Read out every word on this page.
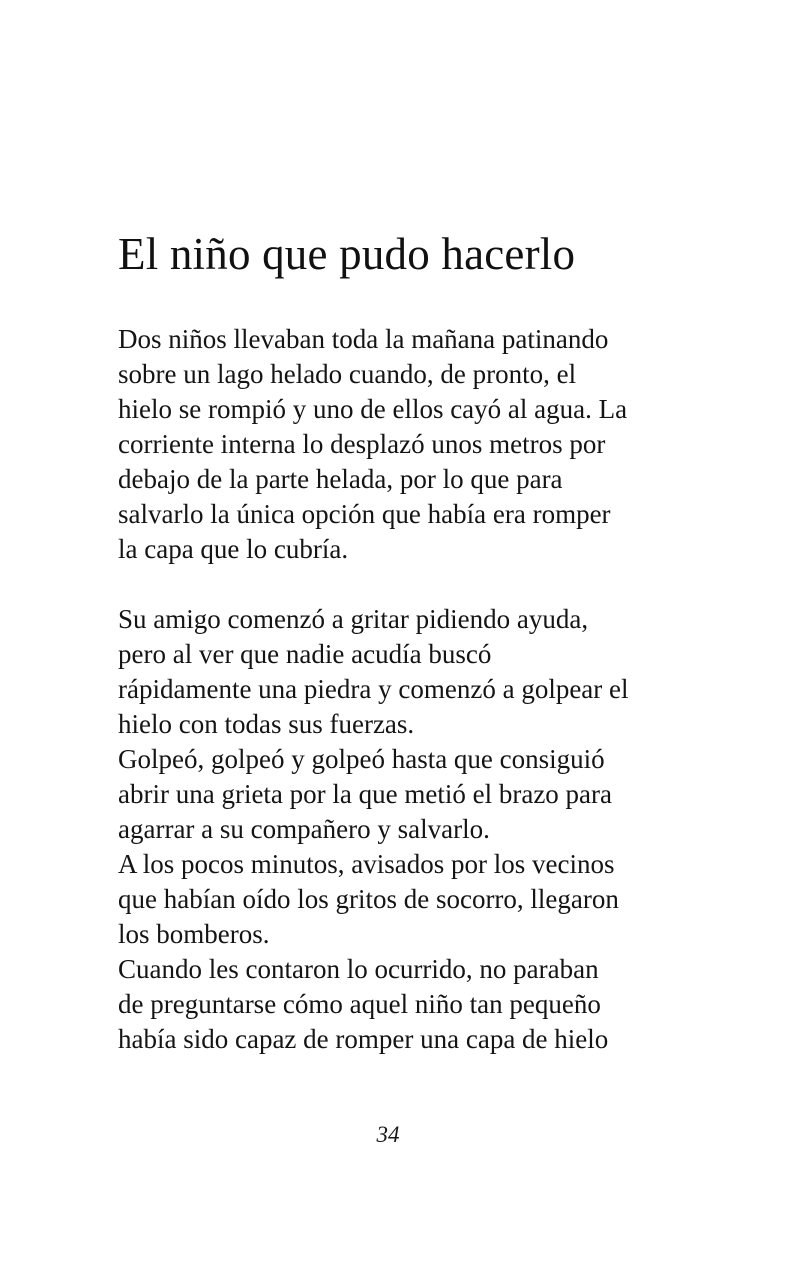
El niño que pudo hacerlo

Dos niños llevaban toda la mañana patinando
sobre un lago helado cuando, de pronto, el
hielo se rompió y uno de ellos cayó al agua. La
corriente interna lo desplazó unos metros por
debajo de la parte helada, por lo que para
salvarlo la única opción que había era romper
la capa que lo cubría.

Su amigo comenzó a gritar pidiendo ayuda,
pero al ver que nadie acudía buscó
rápidamente una piedra y comenzó a golpear el
hielo con todas sus fuerzas.

Golpeó, golpeó y golpeó hasta que consiguió
abrir una grieta por la que metió el brazo para
agarrar a su compañero y salvarlo.

A los pocos minutos, avisados por los vecinos
que habían oído los gritos de socorro, llegaron
los bomberos.

Cuando les contaron lo ocurrido, no paraban
de preguntarse cómo aquel niño tan pequeño
había sido capaz de romper una capa de hielo

34
